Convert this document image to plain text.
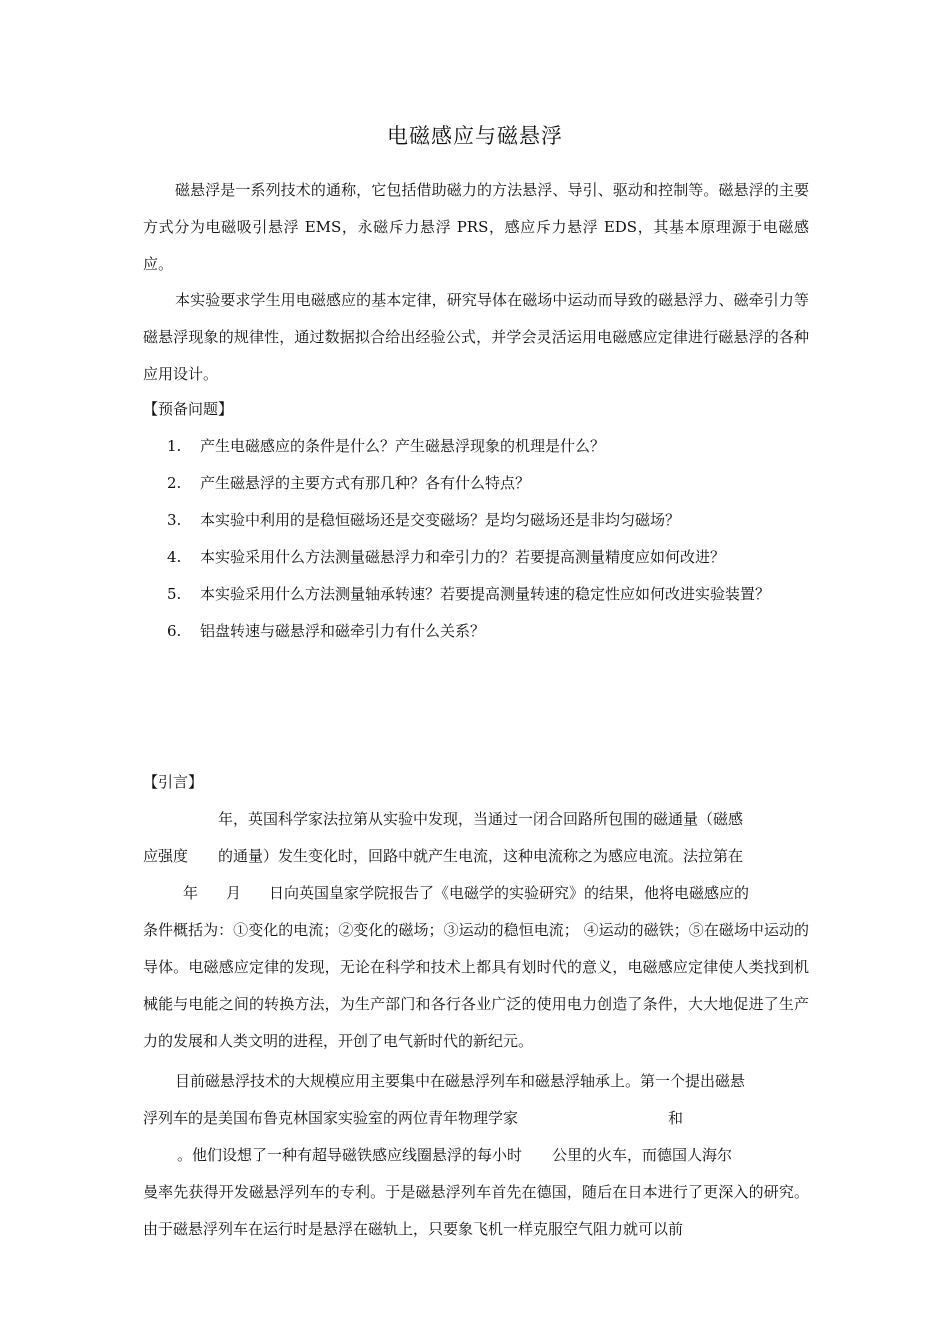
电磁感应与磁悬浮

磁悬浮是一系列技术的通称，它包括借助磁力的方法悬浮、导引、驱动和控制等。磁悬浮的主要方式分为电磁吸引悬浮 EMS，永磁斥力悬浮 PRS，感应斥力悬浮 EDS，其基本原理源于电磁感应。

本实验要求学生用电磁感应的基本定律，研究导体在磁场中运动而导致的磁悬浮力、磁牵引力等磁悬浮现象的规律性，通过数据拟合给出经验公式，并学会灵活运用电磁感应定律进行磁悬浮的各种应用设计。

【预备问题】

1. 产生电磁感应的条件是什么？产生磁悬浮现象的机理是什么？
2. 产生磁悬浮的主要方式有那几种？各有什么特点？
3. 本实验中利用的是稳恒磁场还是交变磁场？是均匀磁场还是非均匀磁场？
4. 本实验采用什么方法测量磁悬浮力和牵引力的？若要提高测量精度应如何改进？
5. 本实验采用什么方法测量轴承转速？若要提高测量转速的稳定性应如何改进实验装置？
6. 铝盘转速与磁悬浮和磁牵引力有什么关系？

【引言】

年，英国科学家法拉第从实验中发现，当通过一闭合回路所包围的磁通量（磁感
应强度 的通量）发生变化时，回路中就产生电流，这种电流称之为感应电流。法拉第在
年 月 日向英国皇家学院报告了《电磁学的实验研究》的结果，他将电磁感应的
条件概括为：①变化的电流；②变化的磁场；③运动的稳恒电流； ④运动的磁铁；⑤在磁场中运动的导体。电磁感应定律的发现，无论在科学和技术上都具有划时代的意义，电磁感应定律使人类找到机械能与电能之间的转换方法，为生产部门和各行各业广泛的使用电力创造了条件，大大地促进了生产力的发展和人类文明的进程，开创了电气新时代的新纪元。
目前磁悬浮技术的大规模应用主要集中在磁悬浮列车和磁悬浮轴承上。第一个提出磁悬
浮列车的是美国布鲁克林国家实验室的两位青年物理学家	和
。他们设想了一种有超导磁铁感应线圈悬浮的每小时 公里的火车，而德国人海尔
曼率先获得开发磁悬浮列车的专利。于是磁悬浮列车首先在德国，随后在日本进行了更深入的研究。由于磁悬浮列车在运行时是悬浮在磁轨上，只要象飞机一样克服空气阻力就可以前
